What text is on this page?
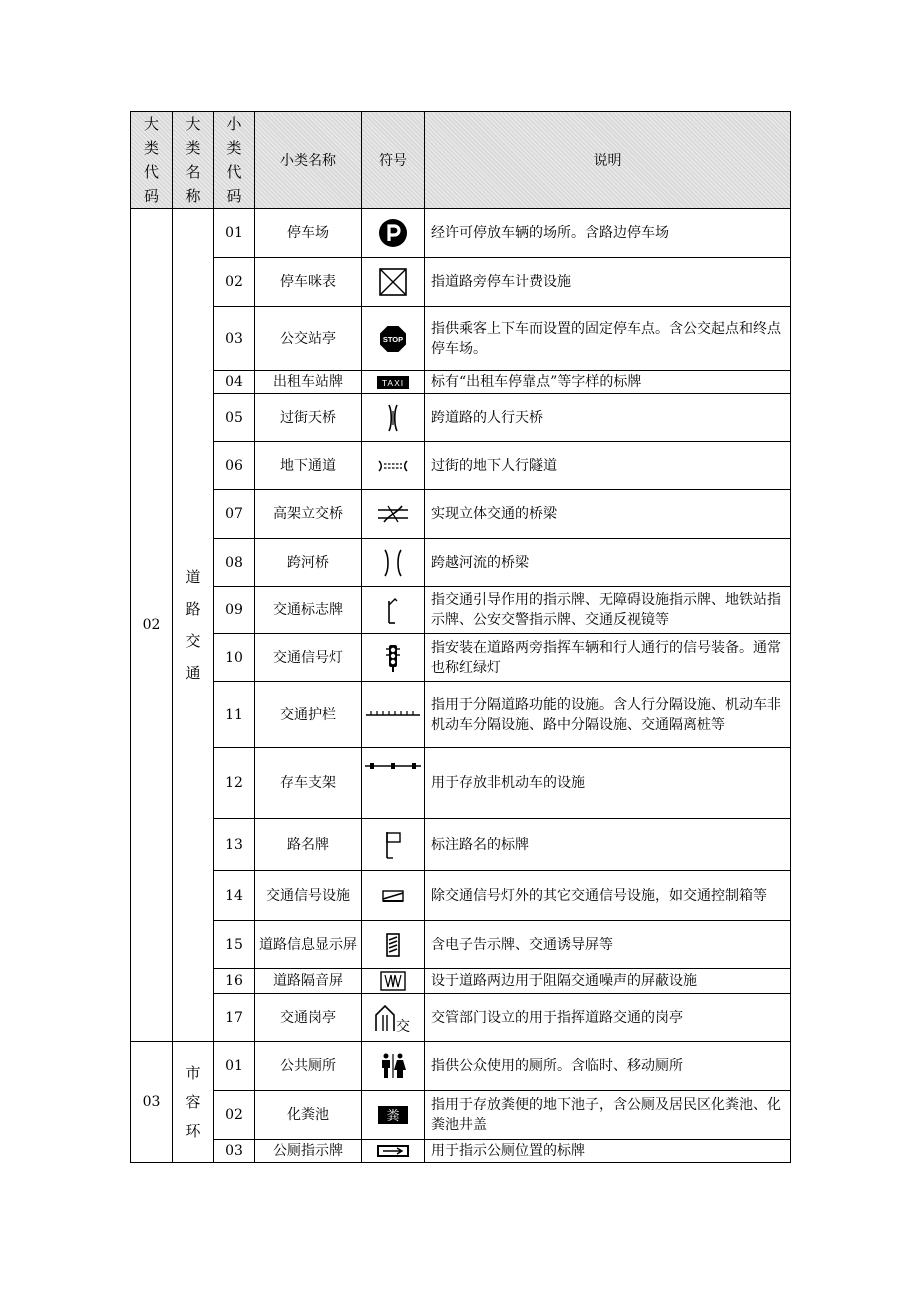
大类代码	大类名称	小类代码	小类名称	符号	说明
02	道路交通	01	停车场		经许可停放车辆的场所。含路边停车场
		02	停车咪表		指道路旁停车计费设施
		03	公交站亭	STOP	指供乘客上下车而设置的固定停车点。含公交起点和终点停车场。
		04	出租车站牌	TAXI	标有“出租车停靠点”等字样的标牌
		05	过街天桥		跨道路的人行天桥
		06	地下通道		过街的地下人行隧道
		07	高架立交桥		实现立体交通的桥梁
		08	跨河桥		跨越河流的桥梁
		09	交通标志牌		指交通引导作用的指示牌、无障碍设施指示牌、地铁站指示牌、公安交警指示牌、交通反视镜等
		10	交通信号灯		指安装在道路两旁指挥车辆和行人通行的信号装备。通常也称红绿灯
		11	交通护栏		指用于分隔道路功能的设施。含人行分隔设施、机动车非机动车分隔设施、路中分隔设施、交通隔离桩等
		12	存车支架		用于存放非机动车的设施
		13	路名牌		标注路名的标牌
		14	交通信号设施		除交通信号灯外的其它交通信号设施，如交通控制箱等
		15	道路信息显示屏		含电子告示牌、交通诱导屏等
		16	道路隔音屏		设于道路两边用于阻隔交通噪声的屏蔽设施
		17	交通岗亭	交	交管部门设立的用于指挥道路交通的岗亭
03	市容环	01	公共厕所		指供公众使用的厕所。含临时、移动厕所
		02	化粪池	粪	指用于存放粪便的地下池子，含公厕及居民区化粪池、化粪池井盖
		03	公厕指示牌		用于指示公厕位置的标牌
